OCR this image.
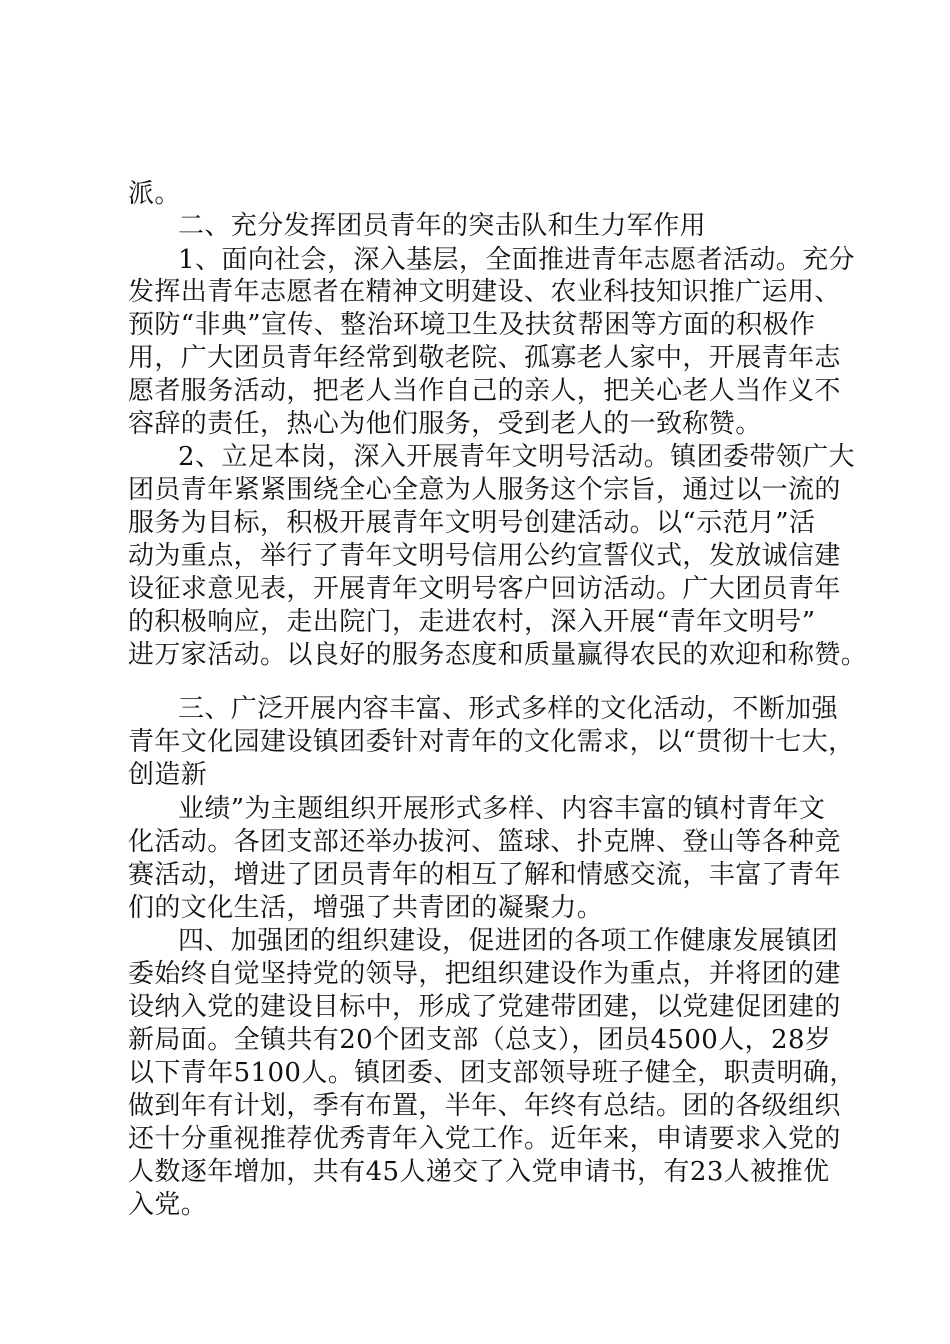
派。
二、充分发挥团员青年的突击队和生力军作用
1、面向社会，深入基层，全面推进青年志愿者活动。充分
发挥出青年志愿者在精神文明建设、农业科技知识推广运用、
预防“非典”宣传、整治环境卫生及扶贫帮困等方面的积极作
用，广大团员青年经常到敬老院、孤寡老人家中，开展青年志
愿者服务活动，把老人当作自己的亲人，把关心老人当作义不
容辞的责任，热心为他们服务，受到老人的一致称赞。
2、立足本岗，深入开展青年文明号活动。镇团委带领广大
团员青年紧紧围绕全心全意为人服务这个宗旨，通过以一流的
服务为目标，积极开展青年文明号创建活动。以“示范月”活
动为重点，举行了青年文明号信用公约宣誓仪式，发放诚信建
设征求意见表，开展青年文明号客户回访活动。广大团员青年
的积极响应，走出院门，走进农村，深入开展“青年文明号”
进万家活动。以良好的服务态度和质量赢得农民的欢迎和称赞。
三、广泛开展内容丰富、形式多样的文化活动，不断加强
青年文化园建设镇团委针对青年的文化需求，以“贯彻十七大，
创造新
业绩”为主题组织开展形式多样、内容丰富的镇村青年文
化活动。各团支部还举办拔河、篮球、扑克牌、登山等各种竞
赛活动，增进了团员青年的相互了解和情感交流，丰富了青年
们的文化生活，增强了共青团的凝聚力。
四、加强团的组织建设，促进团的各项工作健康发展镇团
委始终自觉坚持党的领导，把组织建设作为重点，并将团的建
设纳入党的建设目标中，形成了党建带团建，以党建促团建的
新局面。全镇共有20个团支部（总支），团员4500人，28岁
以下青年5100人。镇团委、团支部领导班子健全，职责明确，
做到年有计划，季有布置，半年、年终有总结。团的各级组织
还十分重视推荐优秀青年入党工作。近年来，申请要求入党的
人数逐年增加，共有45人递交了入党申请书，有23人被推优
入党。
